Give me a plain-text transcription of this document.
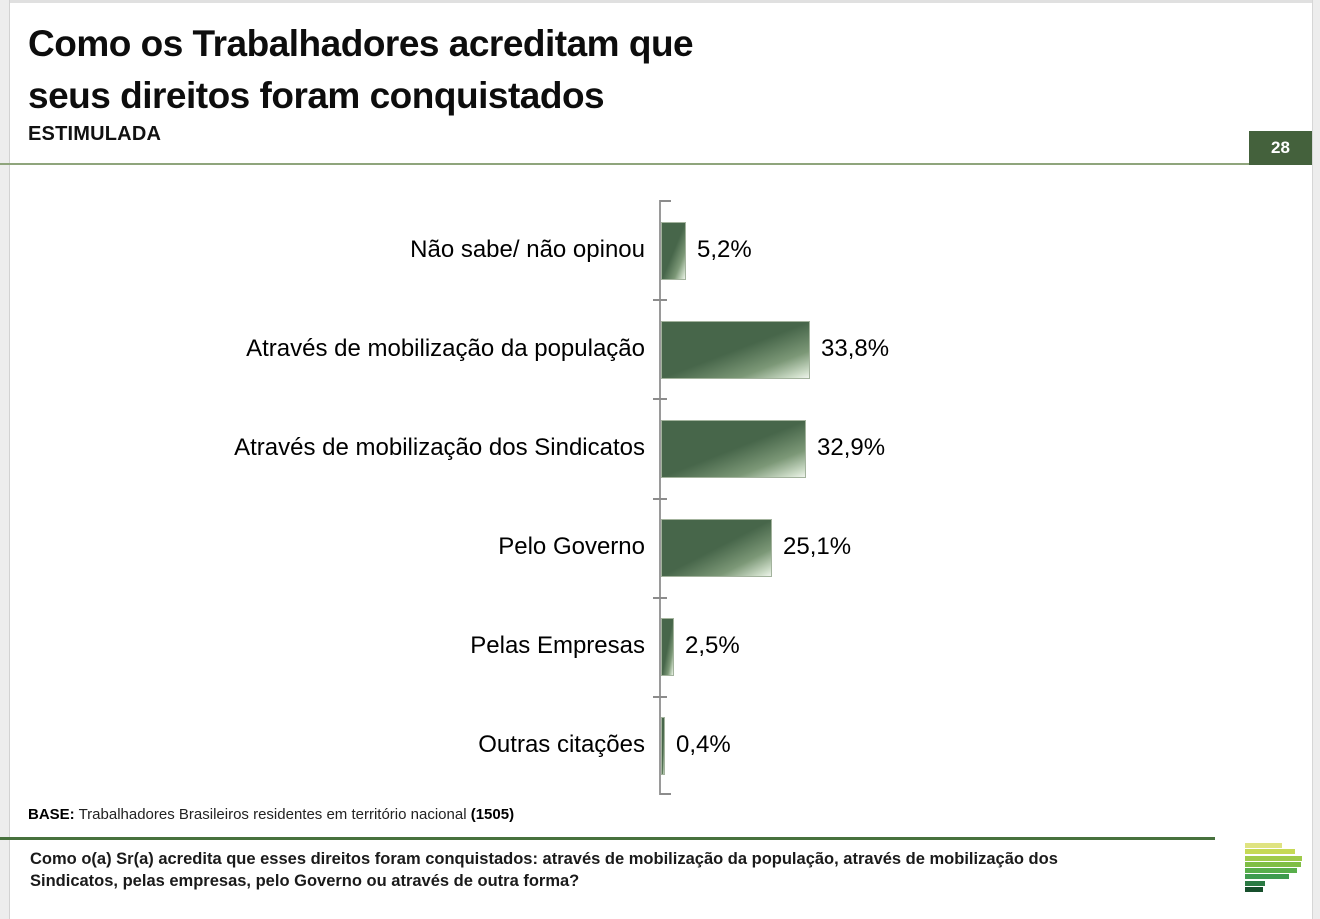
Como os Trabalhadores acreditam que
seus direitos foram conquistados
ESTIMULADA
28
Não sabe/ não opinou 5,2%
Através de mobilização da população	33,8%
Através de mobilização dos Sindicatos	32,9%
Pelo Governo	25,1%
Pelas Empresas 2,5%
Outras citações 0,4%
BASE: Trabalhadores Brasileiros residentes em território nacional (1505)
Como o(a) Sr(a) acredita que esses direitos foram conquistados: através de mobilização da população, através de mobilização dos Sindicatos, pelas empresas, pelo Governo ou através de outra forma?
